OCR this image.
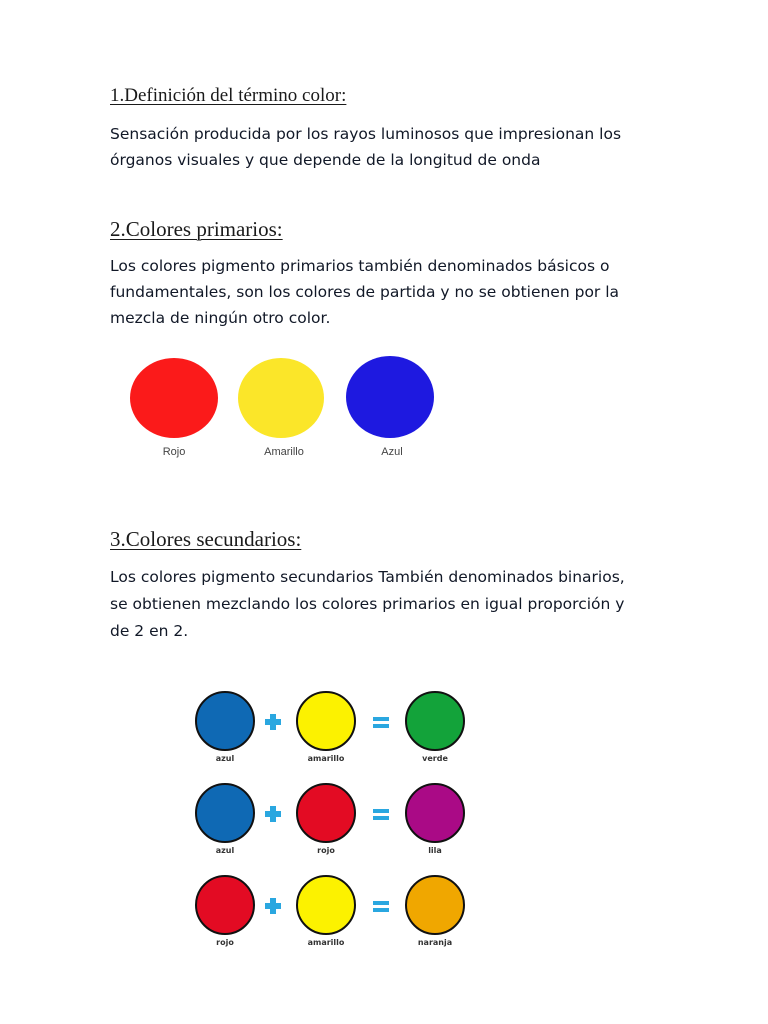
1.Definición del término color:

Sensación producida por los rayos luminosos que impresionan los
órganos visuales y que depende de la longitud de onda

2.Colores primarios:

Los colores pigmento primarios también denominados básicos o
fundamentales, son los colores de partida y no se obtienen por la
mezcla de ningún otro color.

Rojo	Amarillo	Azul
3.Colores secundarios:

Los colores pigmento secundarios También denominados binarios,
se obtienen mezclando los colores primarios en igual proporción y
de 2 en 2.

azul	amarillo	verde
azul	rojo	lila
rojo	amarillo	naranja
